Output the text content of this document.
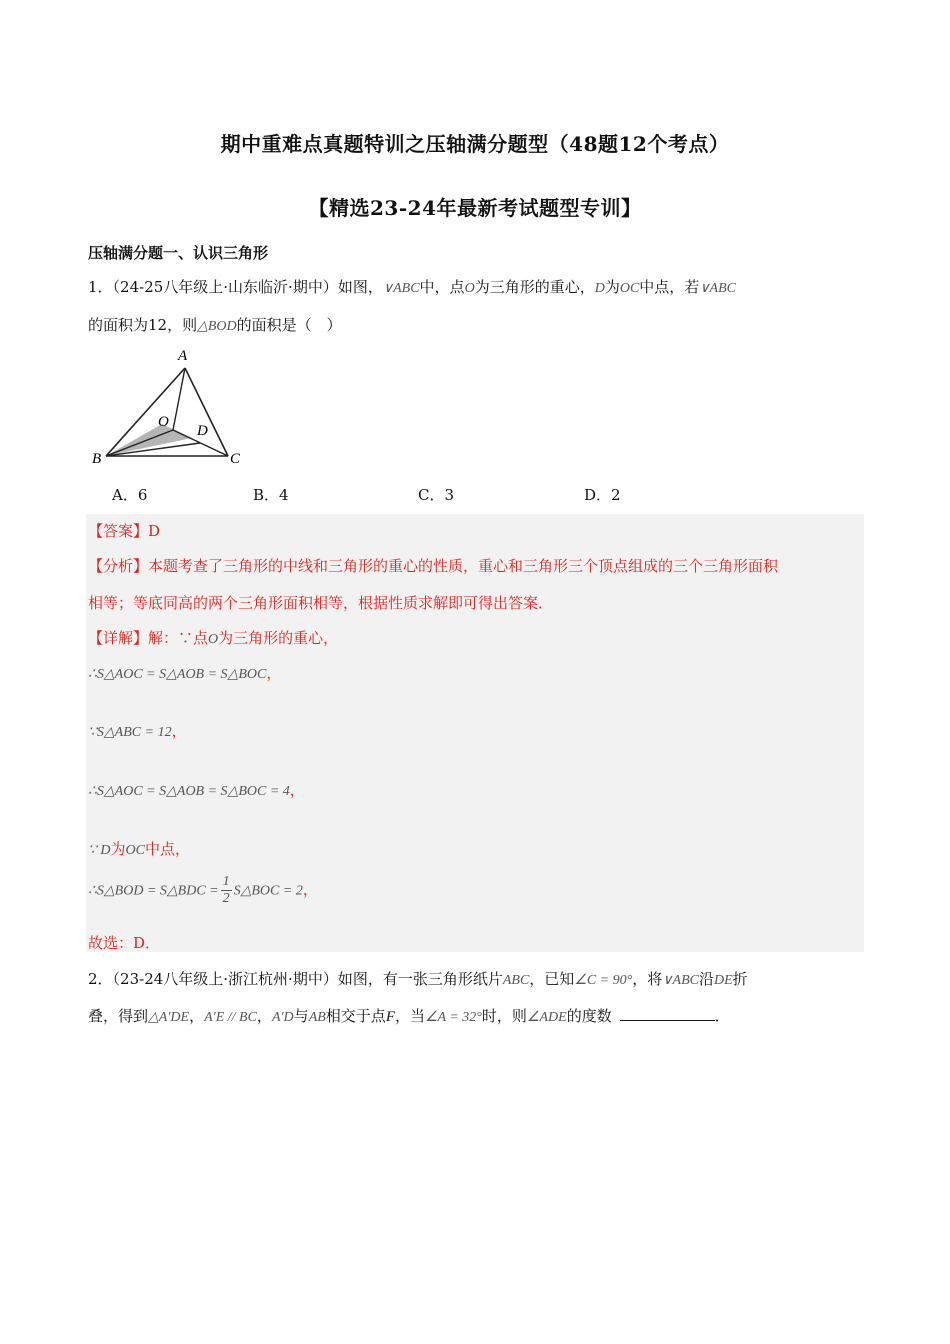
期中重难点真题特训之压轴满分题型（48题12个考点）
【精选23-24年最新考试题型专训】
压轴满分题一、认识三角形
1．（24-25八年级上·山东临沂·期中）如图，∨ABC中，点O为三角形的重心，D为OC中点，若∨ABC
的面积为12，则△BOD的面积是（　）
A
B	C
O
D
A．6	B．4	C．3	D．2
【答案】D
【分析】本题考查了三角形的中线和三角形的重心的性质，重心和三角形三个顶点组成的三个三角形面积
相等；等底同高的两个三角形面积相等，根据性质求解即可得出答案．
【详解】解：∵点O为三角形的重心，
∴S△AOC = S△AOB = S△BOC，
∵S△ABC = 12，
∴S△AOC = S△AOB = S△BOC = 4，
∵ D为OC中点，
∴S△BOD = S△BDC = $\frac{1}{2}$ S△BOC = 2，
故选：D．
2．（23-24八年级上·浙江杭州·期中）如图，有一张三角形纸片ABC，已知∠C = 90°，将∨ABC沿DE折
叠，得到△A′DE，A′E // BC，A′D与AB相交于点F，当∠A = 32°时，则∠ADE的度数	．
